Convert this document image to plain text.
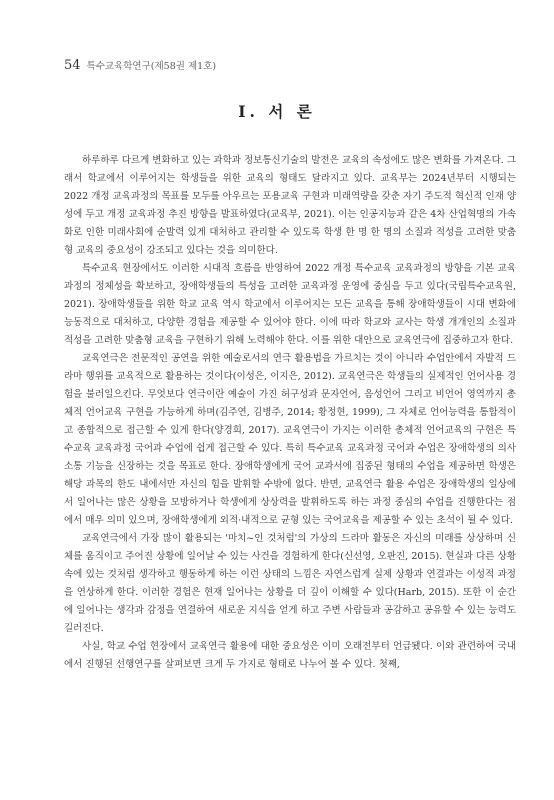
54 특수교육학연구(제58권 제1호)
Ⅰ. 서 론

하루하루 다르게 변화하고 있는 과학과 정보통신기술의 발전은 교육의 속성에도 많은 변화를 가져온다. 그래서 학교에서 이루어지는 학생들을 위한 교육의 형태도 달라지고 있다. 교육부는 2024년부터 시행되는 2022 개정 교육과정의 목표를 모두를 아우르는 포용교육 구현과 미래역량을 갖춘 자기 주도적 혁신적 인재 양성에 두고 개정 교육과정 추진 방향을 발표하였다(교육부, 2021). 이는 인공지능과 같은 4차 산업혁명의 가속화로 인한 미래사회에 순발력 있게 대처하고 관리할 수 있도록 학생 한 명 한 명의 소질과 적성을 고려한 맞춤형 교육의 중요성이 강조되고 있다는 것을 의미한다.

특수교육 현장에서도 이러한 시대적 흐름을 반영하여 2022 개정 특수교육 교육과정의 방향을 기본 교육과정의 정체성을 확보하고, 장애학생들의 특성을 고려한 교육과정 운영에 중심을 두고 있다(국립특수교육원, 2021). 장애학생들을 위한 학교 교육 역시 학교에서 이루어지는 모든 교육을 통해 장애학생들이 시대 변화에 능동적으로 대처하고, 다양한 경험을 제공할 수 있어야 한다. 이에 따라 학교와 교사는 학생 개개인의 소질과 적성을 고려한 맞춤형 교육을 구현하기 위해 노력해야 한다. 이를 위한 대안으로 교육연극에 집중하고자 한다.

교육연극은 전문적인 공연을 위한 예술로서의 연극 활용법을 가르치는 것이 아니라 수업안에서 자발적 드라마 행위를 교육적으로 활용하는 것이다(이성은, 이지은, 2012). 교육연극은 학생들의 실제적인 언어사용 경험을 불러일으킨다. 무엇보다 연극이란 예술이 가진 허구성과 문자언어, 음성언어 그리고 비언어 영역까지 총체적 언어교육 구현을 가능하게 하며(김주연, 김병주, 2014; 황정현, 1999), 그 자체로 언어능력을 통합적이고 종합적으로 접근할 수 있게 한다(양경희, 2017). 교육연극이 가지는 이러한 총체적 언어교육의 구현은 특수교육 교육과정 국어과 수업에 쉽게 접근할 수 있다. 특히 특수교육 교육과정 국어과 수업은 장애학생의 의사소통 기능을 신장하는 것을 목표로 한다. 장애학생에게 국어 교과서에 집중된 형태의 수업을 제공하면 학생은 해당 과목의 한도 내에서만 자신의 힘을 발휘할 수밖에 없다. 반면, 교육연극 활용 수업은 장애학생의 일상에서 일어나는 많은 상황을 모방하거나 학생에게 상상력을 발휘하도록 하는 과정 중심의 수업을 진행한다는 점에서 매우 의미 있으며, 장애학생에게 외적·내적으로 균형 있는 국어교육을 제공할 수 있는 초석이 될 수 있다.

교육연극에서 가장 많이 활용되는 '마치~인 것처럼'의 가상의 드라마 활동은 자신의 미래를 상상하며 신체를 움직이고 주어진 상황에 일어날 수 있는 사건을 경험하게 한다(신선영, 오판진, 2015). 현실과 다른 상황 속에 있는 것처럼 생각하고 행동하게 하는 이런 상태의 느낌은 자연스럽게 실제 상황과 연결과는 이성적 과정을 연상하게 한다. 이러한 경험은 현재 일어나는 상황을 더 깊이 이해할 수 있다(Harb, 2015). 또한 이 순간에 일어나는 생각과 감정을 연결하여 새로운 지식을 얻게 하고 주변 사람들과 공감하고 공유할 수 있는 능력도 길러진다.

사실, 학교 수업 현장에서 교육연극 활용에 대한 중요성은 이미 오래전부터 언급됐다. 이와 관련하여 국내에서 진행된 선행연구를 살펴보면 크게 두 가지로 형태로 나누어 볼 수 있다. 첫째,
